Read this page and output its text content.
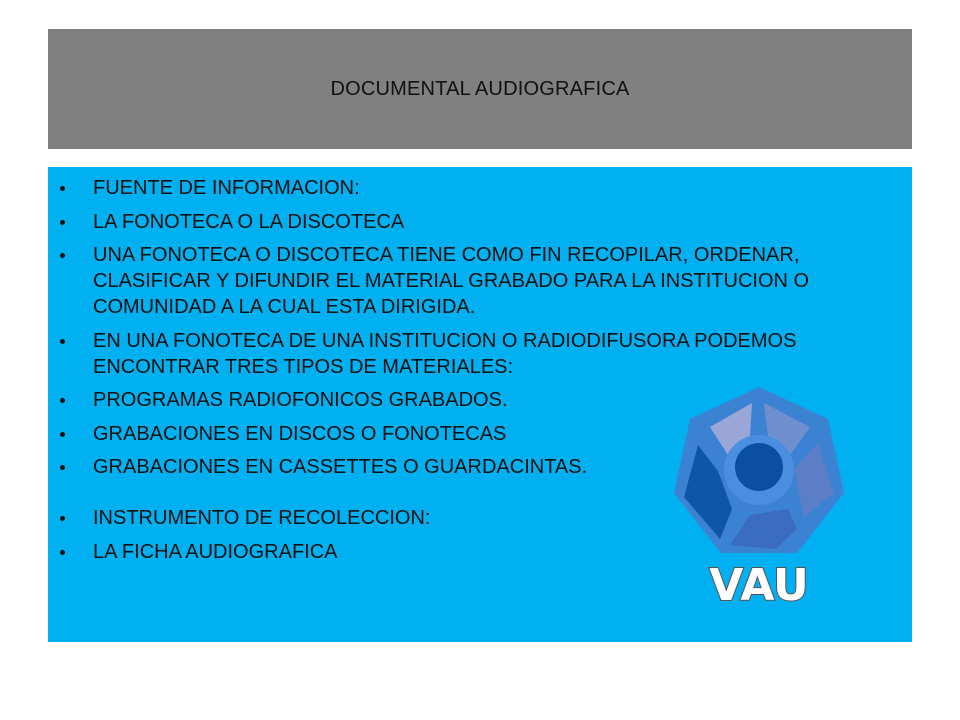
DOCUMENTAL AUDIOGRAFICA
FUENTE DE INFORMACION:
LA FONOTECA O LA DISCOTECA
UNA FONOTECA O DISCOTECA TIENE COMO FIN RECOPILAR, ORDENAR, CLASIFICAR Y DIFUNDIR EL MATERIAL GRABADO PARA LA INSTITUCION O COMUNIDAD A LA CUAL ESTA DIRIGIDA.
EN UNA FONOTECA DE UNA INSTITUCION O RADIODIFUSORA PODEMOS ENCONTRAR TRES TIPOS DE MATERIALES:
PROGRAMAS RADIOFONICOS GRABADOS.
GRABACIONES EN DISCOS O FONOTECAS
GRABACIONES EN CASSETTES O GUARDACINTAS.
INSTRUMENTO DE RECOLECCION:
LA FICHA AUDIOGRAFICA
VAU
